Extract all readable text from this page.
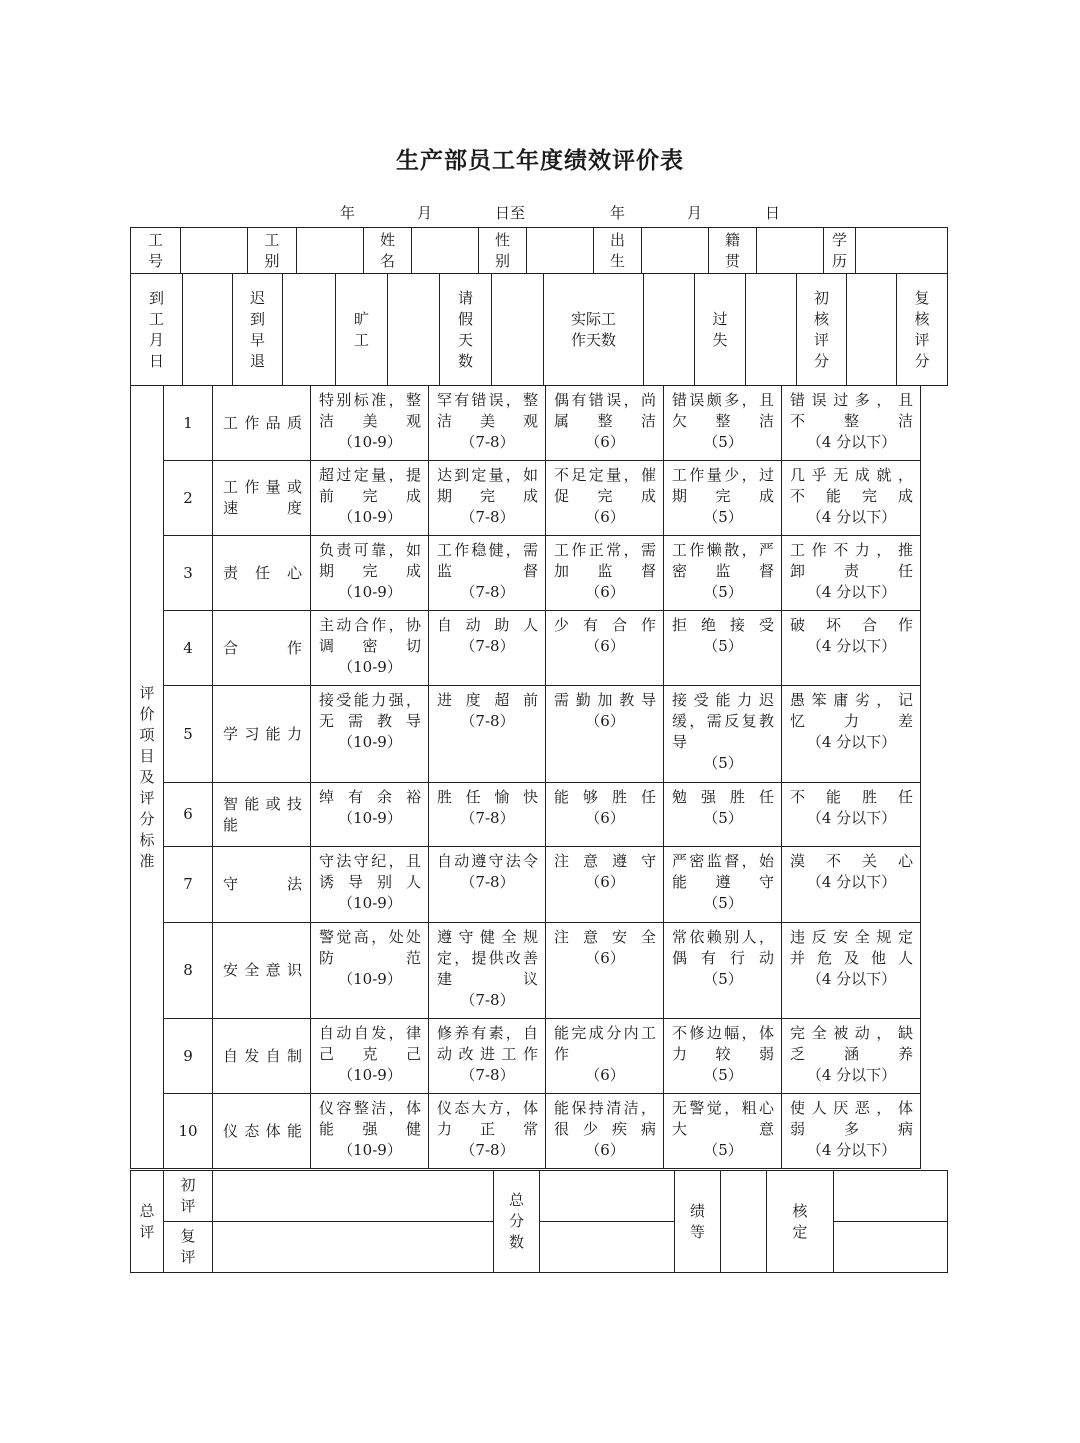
生产部员工年度绩效评价表
年	月	日至	年	月	日
工号		工别		姓名		性别		出生		籍贯		学历	
到工月日		迟到早退		旷工		请假天数		实际工作天数		过失		初核评分		复核评分
评价项目及评分标准	1	工作品质	特别标准，整
洁 美 观
（10-9）	罕有错误，整
洁 美 观
（7-8）	偶有错误，尚
属 整 洁
（6）	错误颇多，且
欠 整 洁
（5）	错误过多，且
不 整 洁
（4 分以下）

	2	工作量或
速 度	超过定量，提
前 完 成
（10-9）	达到定量，如
期 完 成
（7-8）	不足定量，催
促 完 成
（6）	工作量少，过
期 完 成
（5）	几乎无成就，
不 能 完 成
（4 分以下）

	3	责 任 心	负责可靠，如
期 完 成
（10-9）	工作稳健，需
监 督
（7-8）	工作正常，需
加 监 督
（6）	工作懒散，严
密 监 督
（5）	工作不力，推
卸 责 任
（4 分以下）

	4	合 作	主动合作，协
调 密 切
（10-9）	自动助人
（7-8）	少有合作
（6）	拒绝接受
（5）	破坏合作
（4 分以下）

	5	学习能力	接受能力强，
无 需 教 导
（10-9）	进 度 超 前
（7-8）	需 勤 加 教 导
（6）	接受能力迟
缓，需反复教
导
（5）	愚笨庸劣，记
忆 力 差
（4 分以下）

	6	智能或技
能	绰有余裕
（10-9）	胜任愉快
（7-8）	能够胜任
（6）	勉强胜任
（5）	不能胜任
（4 分以下）

	7	守 法	守法守纪，且
诱 导 别 人
（10-9）	自动遵守法令
（7-8）	注意遵守
（6）	严密监督，始
能 遵 守
（5）	漠不关心
（4 分以下）

	8	安全意识	警觉高，处处
防 范
（10-9）	遵 守 健 全 规
定，提供改善
建 议
（7-8）	注意安全
（6）	常依赖别人，
偶 有 行 动
（5）	违反安全规定
并 危 及 他 人
（4 分以下）

	9	自发自制	自动自发，律
己 克 己
（10-9）	修养有素，自
动 改 进 工 作
（7-8）	能完成分内工
作
（6）	不修边幅，体
力 较 弱
（5）	完全被动，缺
乏 涵 养
（4 分以下）

	10	仪态体能	仪容整洁，体
能 强 健
（10-9）	仪态大方，体
力 正 常
（7-8）	能保持清洁，
很 少 疾 病
（6）	无警觉，粗心
大 意
（5）	使人厌恶，体
弱 多 病
（4 分以下）
总评	初评		总分数		绩等		核定	
	复评							
